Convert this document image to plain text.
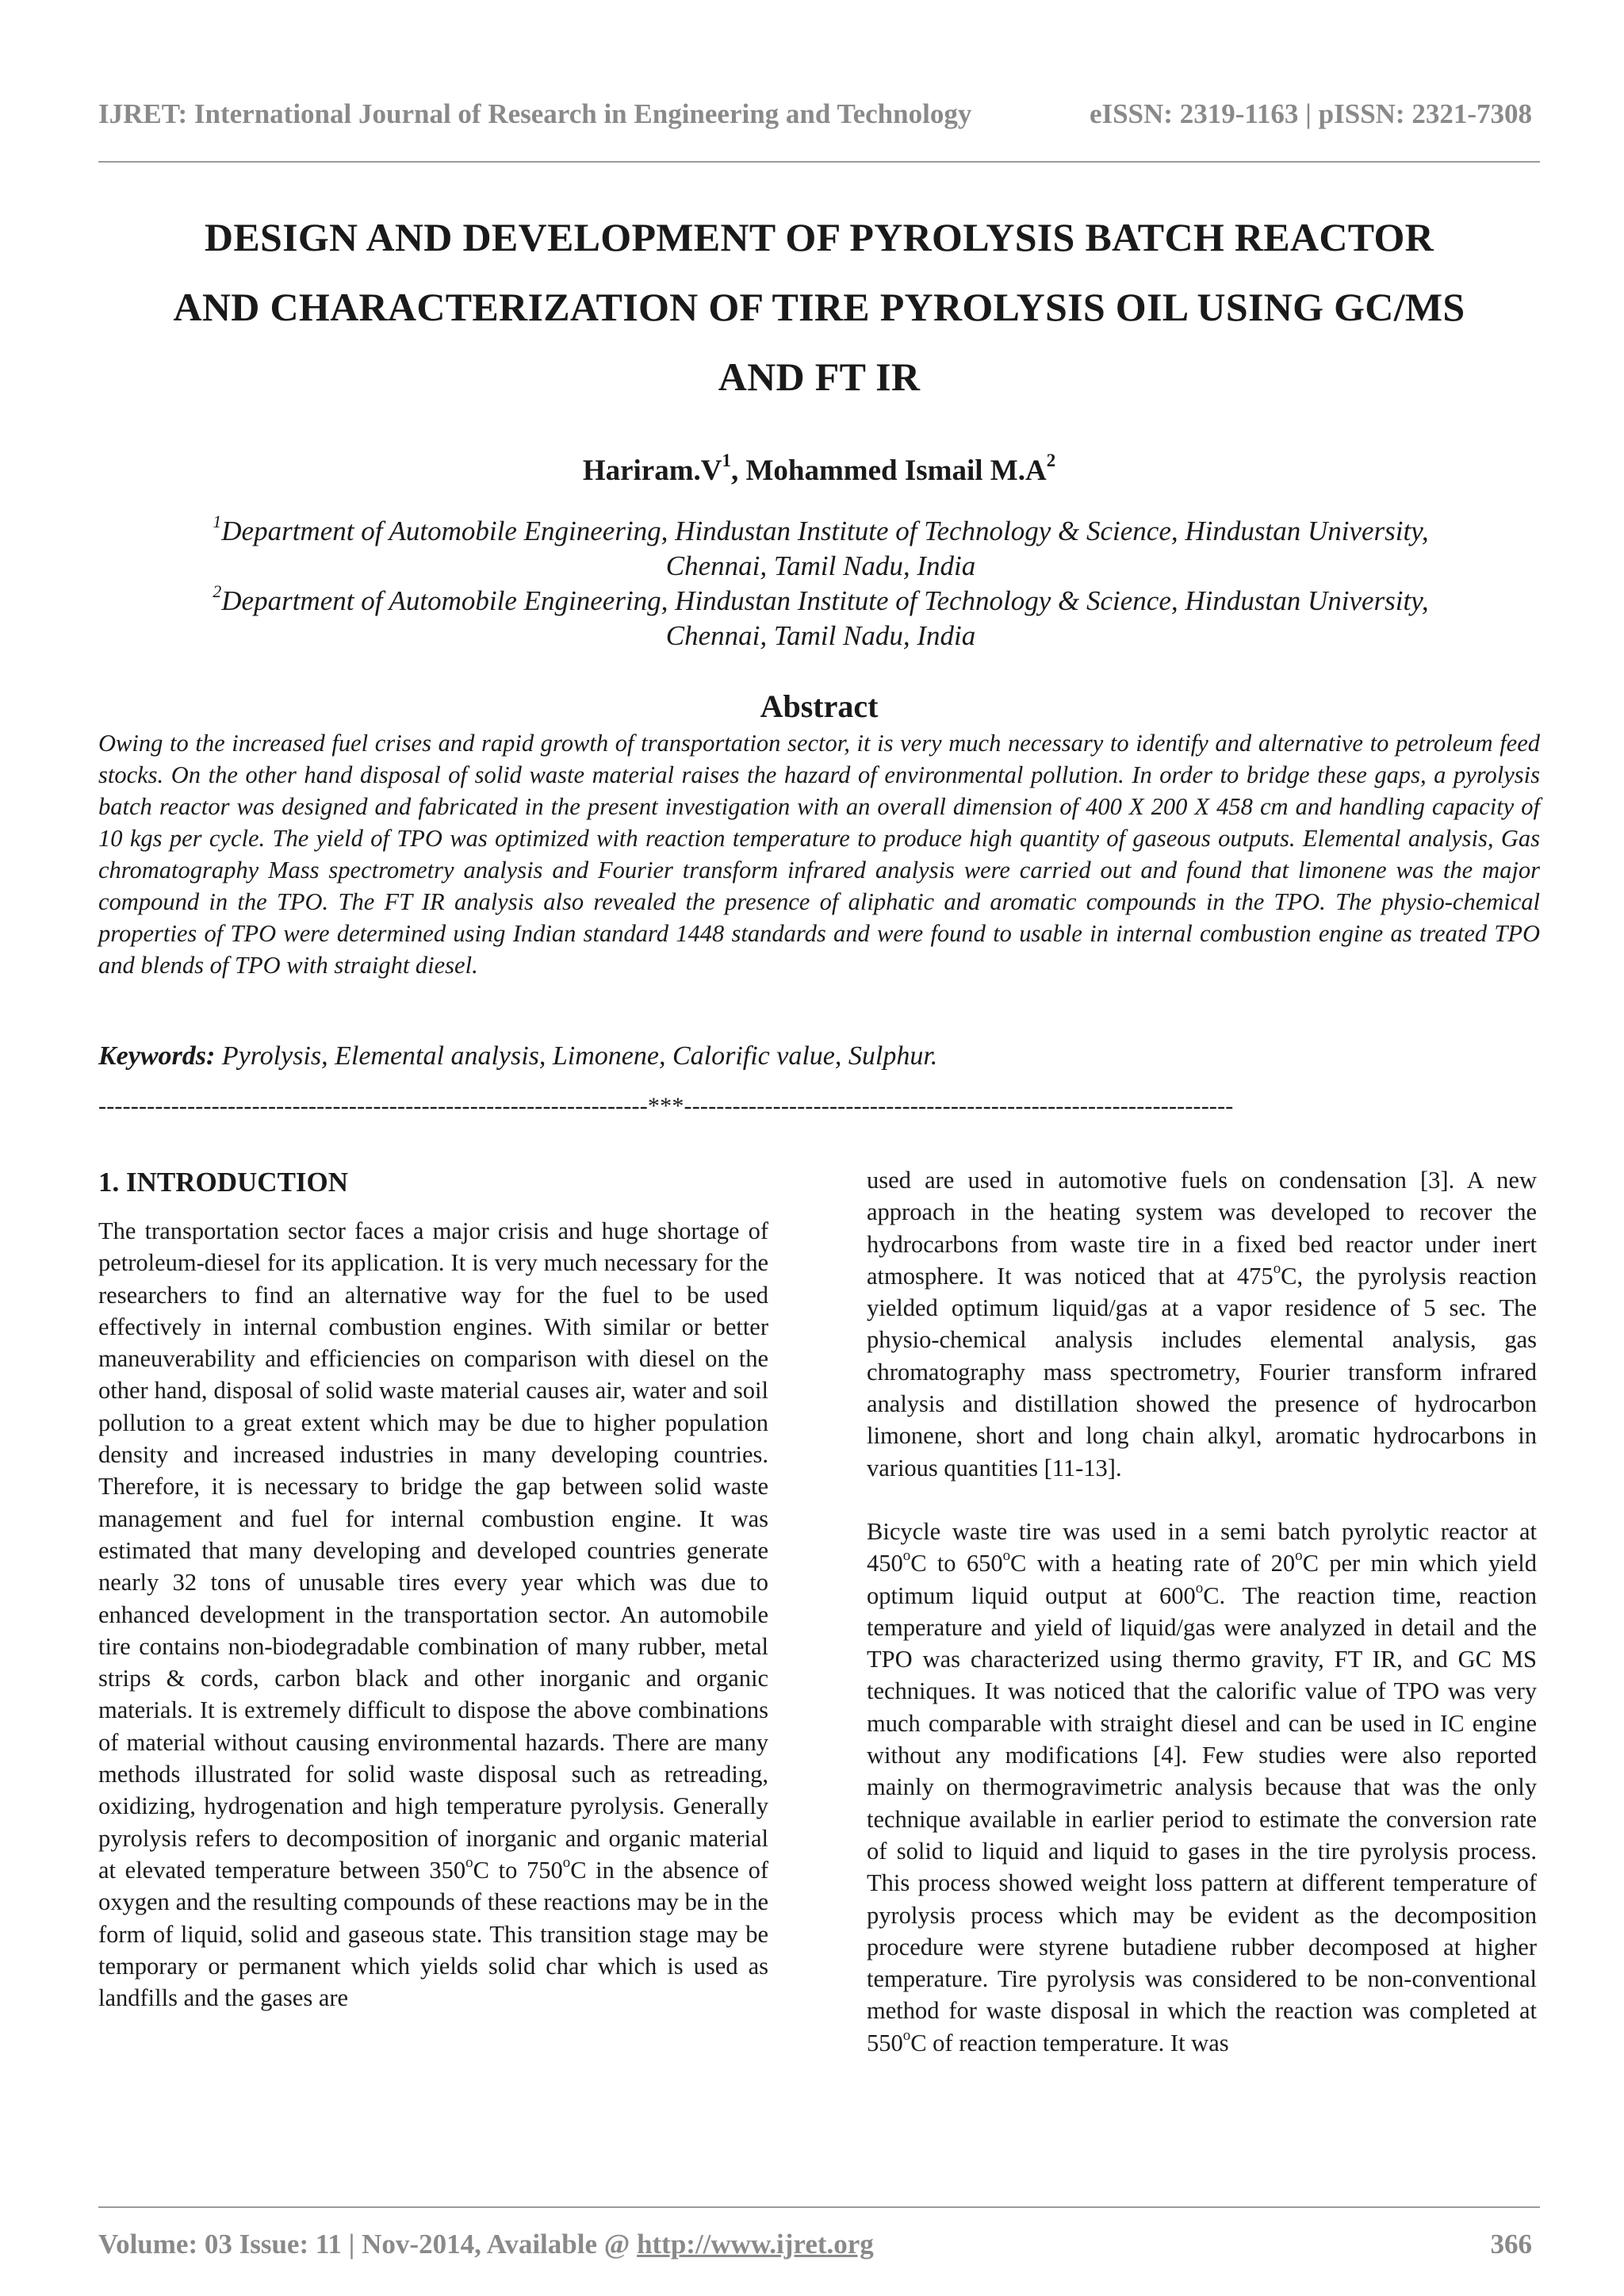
IJRET: International Journal of Research in Engineering and Technology	eISSN: 2319-1163 | pISSN: 2321-7308
DESIGN AND DEVELOPMENT OF PYROLYSIS BATCH REACTOR
AND CHARACTERIZATION OF TIRE PYROLYSIS OIL USING GC/MS
AND FT IR
$Hariram.V^1$, Mohammed Ismail $M.A^2$
$^1$Department of Automobile Engineering, Hindustan Institute of Technology & Science, Hindustan University,
Chennai, Tamil Nadu, India
$^2$Department of Automobile Engineering, Hindustan Institute of Technology & Science, Hindustan University,
Chennai, Tamil Nadu, India
Abstract
Owing to the increased fuel crises and rapid growth of transportation sector, it is very much necessary to identify and alternative to petroleum feed stocks. On the other hand disposal of solid waste material raises the hazard of environmental pollution. In order to bridge these gaps, a pyrolysis batch reactor was designed and fabricated in the present investigation with an overall dimension of 400 X 200 X 458 cm and handling capacity of 10 kgs per cycle. The yield of TPO was optimized with reaction temperature to produce high quantity of gaseous outputs. Elemental analysis, Gas chromatography Mass spectrometry analysis and Fourier transform infrared analysis were carried out and found that limonene was the major compound in the TPO. The FT IR analysis also revealed the presence of aliphatic and aromatic compounds in the TPO. The physio-chemical properties of TPO were determined using Indian standard 1448 standards and were found to usable in internal combustion engine as treated TPO and blends of TPO with straight diesel.
Keywords: Pyrolysis, Elemental analysis, Limonene, Calorific value, Sulphur.
--------------------------------------------------------------------***--------------------------------------------------------------------
1. INTRODUCTION

The transportation sector faces a major crisis and huge shortage of petroleum-diesel for its application. It is very much necessary for the researchers to find an alternative way for the fuel to be used effectively in internal combustion engines. With similar or better maneuverability and efficiencies on comparison with diesel on the other hand, disposal of solid waste material causes air, water and soil pollution to a great extent which may be due to higher population density and increased industries in many developing countries. Therefore, it is necessary to bridge the gap between solid waste management and fuel for internal combustion engine. It was estimated that many developing and developed countries generate nearly 32 tons of unusable tires every year which was due to enhanced development in the transportation sector. An automobile tire contains non-biodegradable combination of many rubber, metal strips & cords, carbon black and other inorganic and organic materials. It is extremely difficult to dispose the above combinations of material without causing environmental hazards. There are many methods illustrated for solid waste disposal such as retreading, oxidizing, hydrogenation and high temperature pyrolysis. Generally pyrolysis refers to decomposition of inorganic and organic material at elevated temperature between 350$^o$C to 750$^o$C in the absence of oxygen and the resulting compounds of these reactions may be in the form of liquid, solid and gaseous state. This transition stage may be temporary or permanent which yields solid char which is used as landfills and the gases are

used are used in automotive fuels on condensation [3]. A new approach in the heating system was developed to recover the hydrocarbons from waste tire in a fixed bed reactor under inert atmosphere. It was noticed that at 475$^o$C, the pyrolysis reaction yielded optimum liquid/gas at a vapor residence of 5 sec. The physio-chemical analysis includes elemental analysis, gas chromatography mass spectrometry, Fourier transform infrared analysis and distillation showed the presence of hydrocarbon limonene, short and long chain alkyl, aromatic hydrocarbons in various quantities [11-13].

Bicycle waste tire was used in a semi batch pyrolytic reactor at 450$^o$C to 650$^o$C with a heating rate of 20$^o$C per min which yield optimum liquid output at 600$^o$C. The reaction time, reaction temperature and yield of liquid/gas were analyzed in detail and the TPO was characterized using thermo gravity, FT IR, and GC MS techniques. It was noticed that the calorific value of TPO was very much comparable with straight diesel and can be used in IC engine without any modifications [4]. Few studies were also reported mainly on thermogravimetric analysis because that was the only technique available in earlier period to estimate the conversion rate of solid to liquid and liquid to gases in the tire pyrolysis process. This process showed weight loss pattern at different temperature of pyrolysis process which may be evident as the decomposition procedure were styrene butadiene rubber decomposed at higher temperature. Tire pyrolysis was considered to be non-conventional method for waste disposal in which the reaction was completed at 550$^o$C of reaction temperature. It was

Volume: 03 Issue: 11 | Nov-2014, Available @ http://www.ijret.org	366
